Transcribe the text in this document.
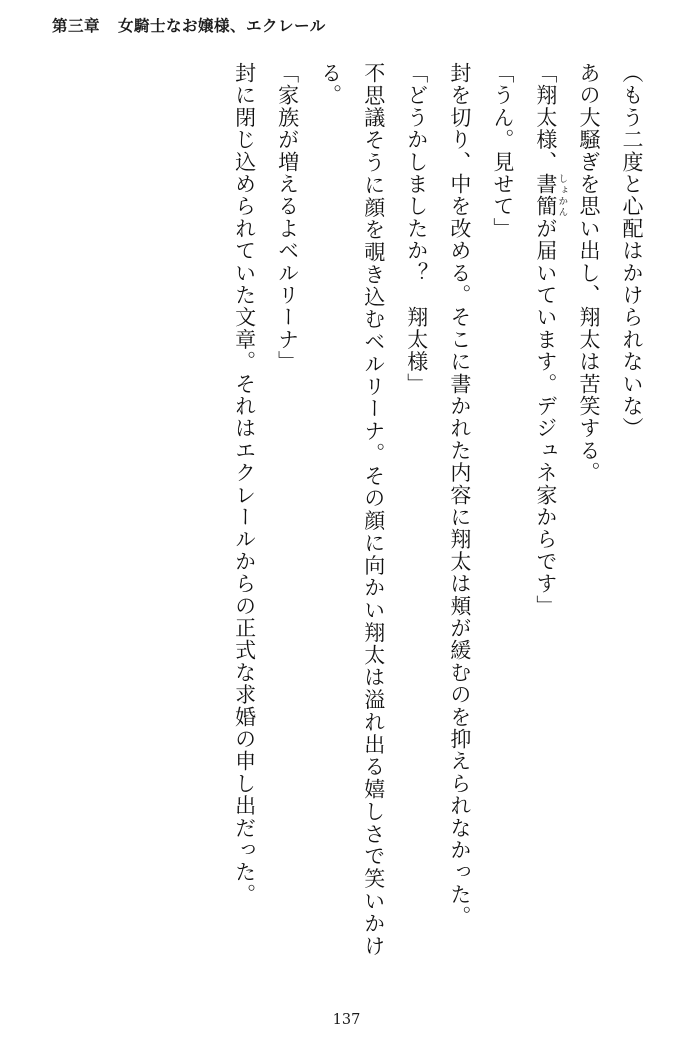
第三章 女騎士なお嬢様、エクレール

（もう二度と心配はかけられないな）

あの大騒ぎを思い出し、翔太は苦笑する。

「翔太様、書簡しょかんが届いています。デジュネ家からです」

「うん。見せて」

封を切り、中を改める。そこに書かれた内容に翔太は頬が緩むのを抑えられなかった。

「どうかしましたか？　翔太様」

不思議そうに顔を覗き込むベルリーナ。その顔に向かい翔太は溢れ出る嬉しさで笑いかける。

「家族が増えるよベルリーナ」

封に閉じ込められていた文章。それはエクレールからの正式な求婚の申し出だった。

137
